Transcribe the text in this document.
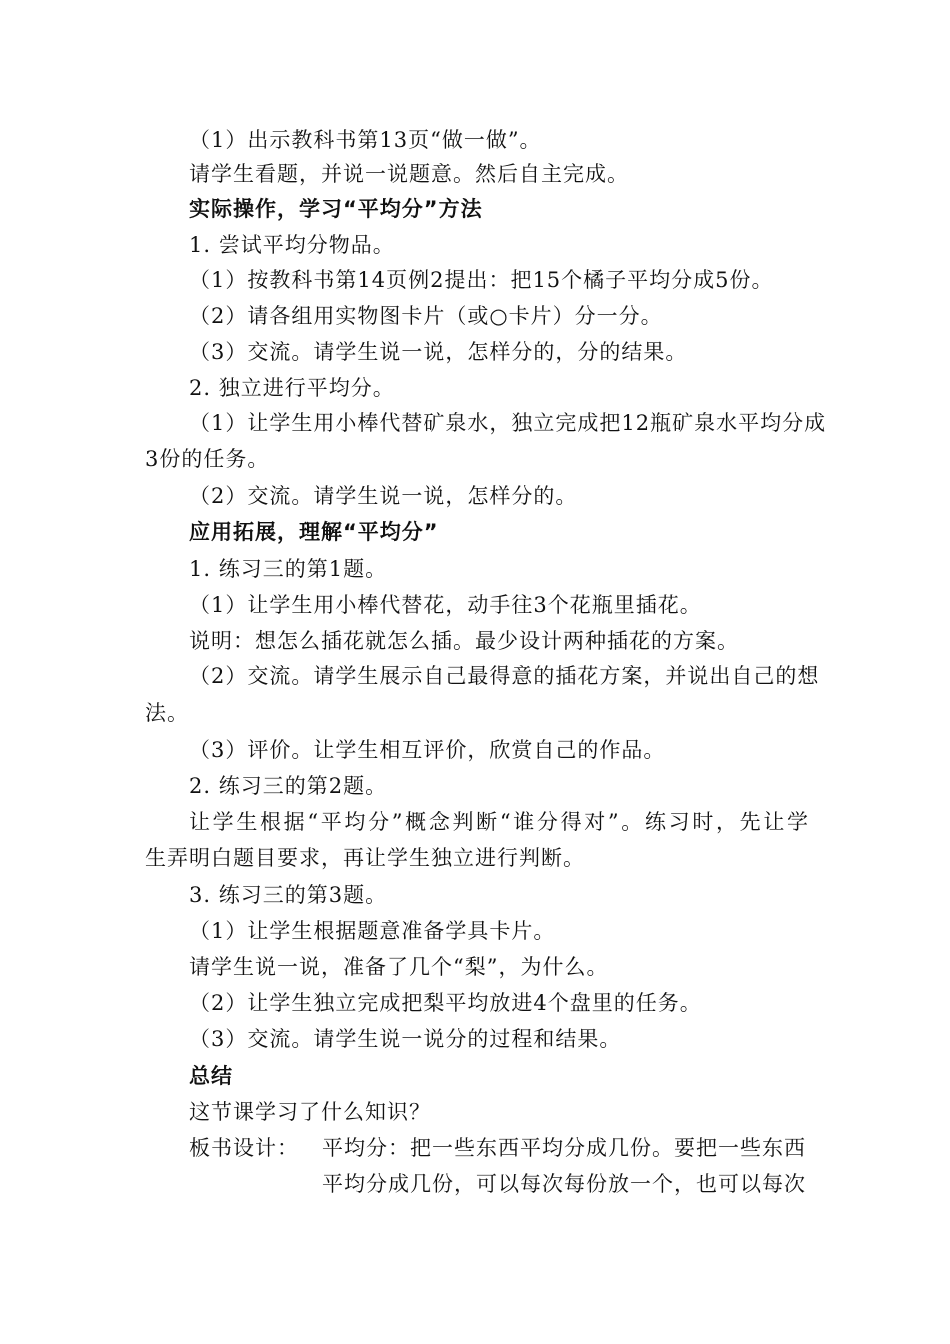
（1）出示教科书第13页“做一做”。
请学生看题，并说一说题意。然后自主完成。
实际操作，学习“平均分”方法
1. 尝试平均分物品。
（1）按教科书第14页例2提出：把15个橘子平均分成5份。
（2）请各组用实物图卡片（或○卡片）分一分。
（3）交流。请学生说一说，怎样分的，分的结果。
2. 独立进行平均分。
（1）让学生用小棒代替矿泉水，独立完成把12瓶矿泉水平均分成
3份的任务。
（2）交流。请学生说一说，怎样分的。
应用拓展，理解“平均分”
1. 练习三的第1题。
（1）让学生用小棒代替花，动手往3个花瓶里插花。
说明：想怎么插花就怎么插。最少设计两种插花的方案。
（2）交流。请学生展示自己最得意的插花方案，并说出自己的想
法。
（3）评价。让学生相互评价，欣赏自己的作品。
2. 练习三的第2题。
让学生根据“平均分”概念判断“谁分得对”。练习时，先让学
生弄明白题目要求，再让学生独立进行判断。
3. 练习三的第3题。
（1）让学生根据题意准备学具卡片。
请学生说一说，准备了几个“梨”，为什么。
（2）让学生独立完成把梨平均放进4个盘里的任务。
（3）交流。请学生说一说分的过程和结果。
总结
这节课学习了什么知识？
板书设计： 平均分：把一些东西平均分成几份。要把一些东西
平均分成几份，可以每次每份放一个，也可以每次
